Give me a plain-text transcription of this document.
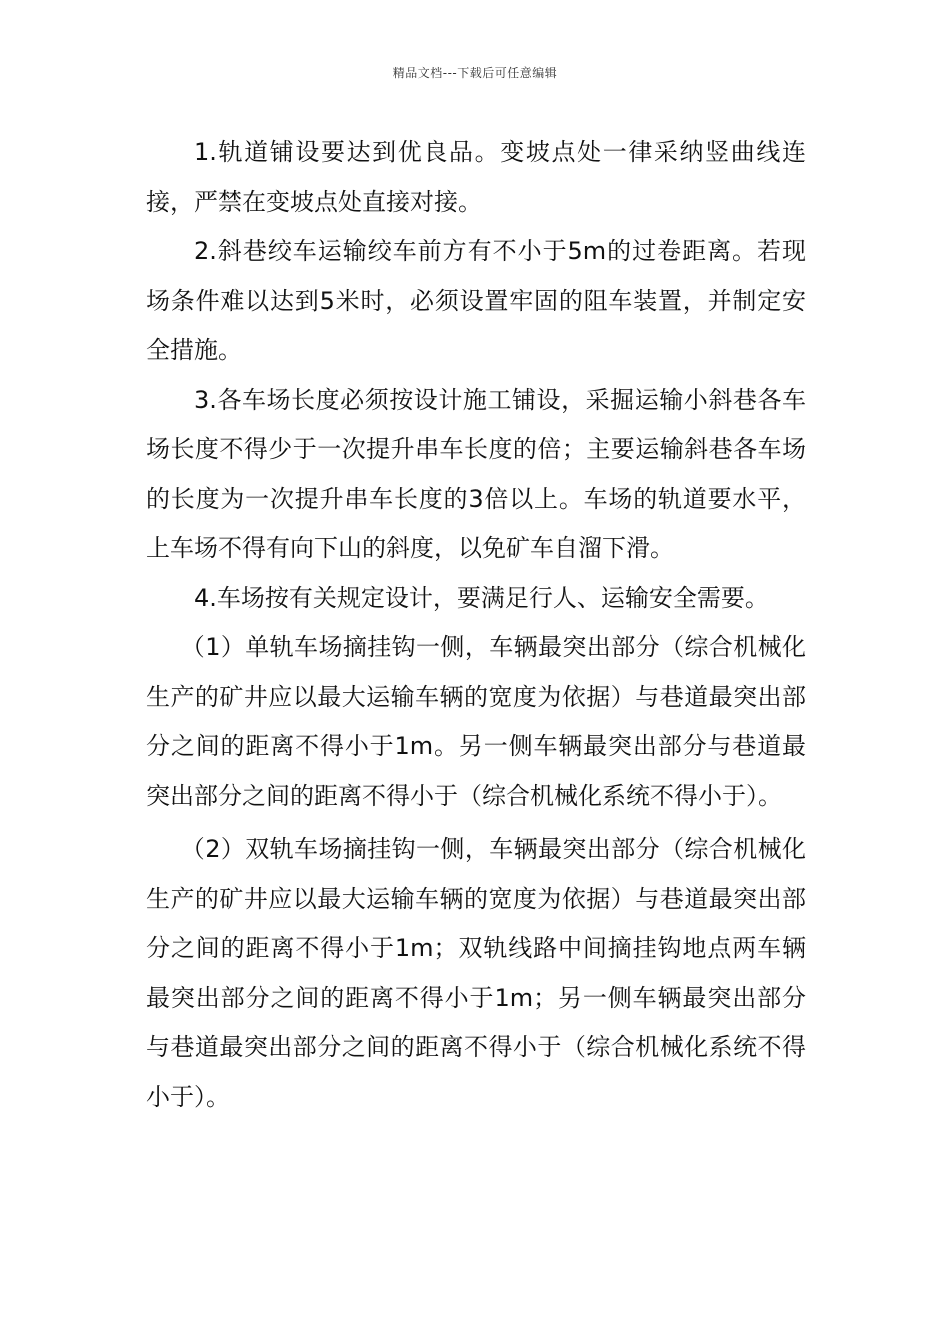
精品文档---下载后可任意编辑

1.轨道铺设要达到优良品。变坡点处一律采纳竖曲线连接，严禁在变坡点处直接对接。

2.斜巷绞车运输绞车前方有不小于5m的过卷距离。若现场条件难以达到5米时，必须设置牢固的阻车装置，并制定安全措施。

3.各车场长度必须按设计施工铺设，采掘运输小斜巷各车场长度不得少于一次提升串车长度的倍；主要运输斜巷各车场的长度为一次提升串车长度的3倍以上。车场的轨道要水平，上车场不得有向下山的斜度，以免矿车自溜下滑。

4.车场按有关规定设计，要满足行人、运输安全需要。

（1）单轨车场摘挂钩一侧，车辆最突出部分（综合机械化生产的矿井应以最大运输车辆的宽度为依据）与巷道最突出部分之间的距离不得小于1m。另一侧车辆最突出部分与巷道最突出部分之间的距离不得小于（综合机械化系统不得小于）。

（2）双轨车场摘挂钩一侧，车辆最突出部分（综合机械化生产的矿井应以最大运输车辆的宽度为依据）与巷道最突出部分之间的距离不得小于1m；双轨线路中间摘挂钩地点两车辆最突出部分之间的距离不得小于1m；另一侧车辆最突出部分与巷道最突出部分之间的距离不得小于（综合机械化系统不得小于）。
